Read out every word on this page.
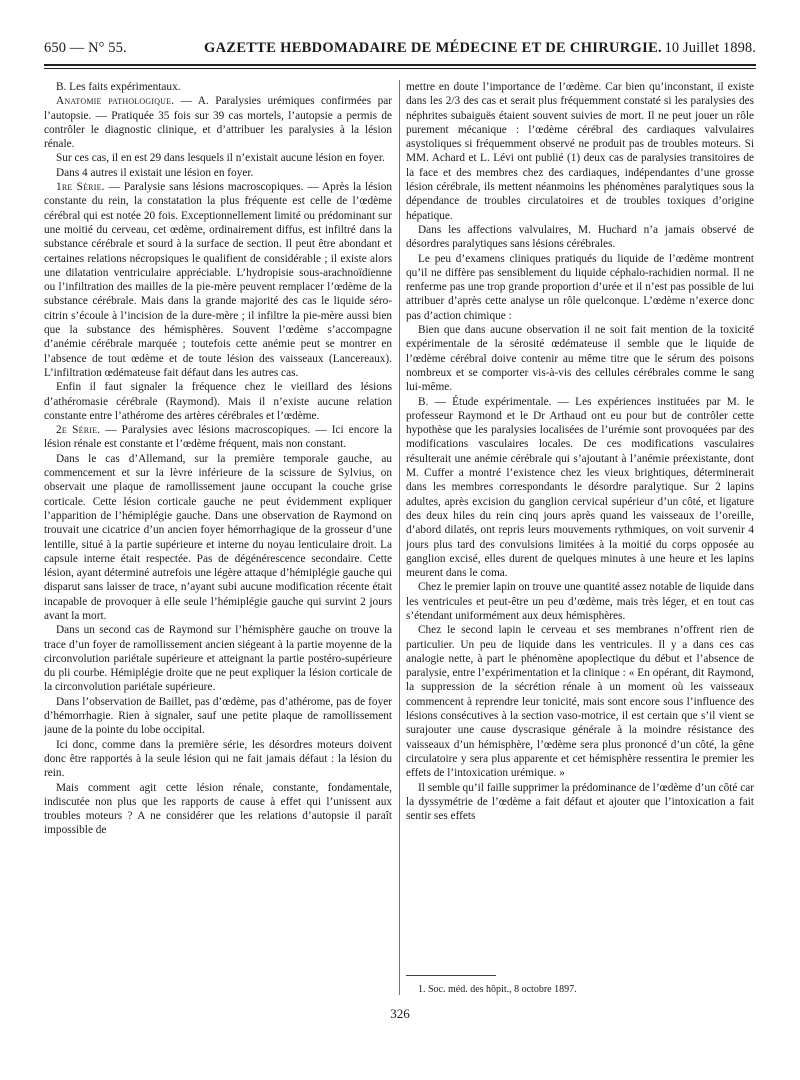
650 — N° 55.	GAZETTE HEBDOMADAIRE DE MÉDECINE ET DE CHIRURGIE. 10 Juillet 1898.

B. Les faits expérimentaux.

Anatomie pathologique. — A. Paralysies urémiques confirmées par l’autopsie. — Pratiquée 35 fois sur 39 cas mortels, l’autopsie a permis de contrôler le diagnostic clinique, et d’attribuer les paralysies à la lésion rénale.

Sur ces cas, il en est 29 dans lesquels il n’existait aucune lésion en foyer.

Dans 4 autres il existait une lésion en foyer.

1re Série. — Paralysie sans lésions macroscopiques. — Après la lésion constante du rein, la constatation la plus fréquente est celle de l’œdème cérébral qui est notée 20 fois. Exceptionnellement limité ou prédominant sur une moitié du cerveau, cet œdème, ordinairement diffus, est infiltré dans la substance cérébrale et sourd à la surface de section. Il peut être abondant et certaines relations nécropsiques le qualifient de considérable ; il existe alors une dilatation ventriculaire appréciable. L’hydropisie sous-arachnoïdienne ou l’infiltration des mailles de la pie-mère peuvent remplacer l’œdème de la substance cérébrale. Mais dans la grande majorité des cas le liquide séro-citrin s’écoule à l’incision de la dure-mère ; il infiltre la pie-mère aussi bien que la substance des hémisphères. Souvent l’œdème s’accompagne d’anémie cérébrale marquée ; toutefois cette anémie peut se montrer en l’absence de tout œdème et de toute lésion des vaisseaux (Lancereaux). L’infiltration œdémateuse fait défaut dans les autres cas.

Enfin il faut signaler la fréquence chez le vieillard des lésions d’athéromasie cérébrale (Raymond). Mais il n’existe aucune relation constante entre l’athérome des artères cérébrales et l’œdème.

2e Série. — Paralysies avec lésions macroscopiques. — Ici encore la lésion rénale est constante et l’œdème fréquent, mais non constant.

Dans le cas d’Allemand, sur la première temporale gauche, au commencement et sur la lèvre inférieure de la scissure de Sylvius, on observait une plaque de ramollissement jaune occupant la couche grise corticale. Cette lésion corticale gauche ne peut évidemment expliquer l’apparition de l’hémiplégie gauche. Dans une observation de Raymond on trouvait une cicatrice d’un ancien foyer hémorrhagique de la grosseur d’une lentille, situé à la partie supérieure et interne du noyau lenticulaire droit. La capsule interne était respectée. Pas de dégénérescence secondaire. Cette lésion, ayant déterminé autrefois une légère attaque d’hémiplégie gauche qui disparut sans laisser de trace, n’ayant subi aucune modification récente était incapable de provoquer à elle seule l’hémiplégie gauche qui survint 2 jours avant la mort.

Dans un second cas de Raymond sur l’hémisphère gauche on trouve la trace d’un foyer de ramollissement ancien siégeant à la partie moyenne de la circonvolution pariétale supérieure et atteignant la partie postéro-supérieure du pli courbe. Hémiplégie droite que ne peut expliquer la lésion corticale de la circonvolution pariétale supérieure.

Dans l’observation de Baillet, pas d’œdème, pas d’athérome, pas de foyer d’hémorrhagie. Rien à signaler, sauf une petite plaque de ramollissement jaune de la pointe du lobe occipital.

Ici donc, comme dans la première série, les désordres moteurs doivent donc être rapportés à la seule lésion qui ne fait jamais défaut : la lésion du rein.

Mais comment agit cette lésion rénale, constante, fondamentale, indiscutée non plus que les rapports de cause à effet qui l’unissent aux troubles moteurs ? A ne considérer que les relations d’autopsie il paraît impossible de

mettre en doute l’importance de l’œdème. Car bien qu’inconstant, il existe dans les 2/3 des cas et serait plus fréquemment constaté si les paralysies des néphrites subaiguës étaient souvent suivies de mort. Il ne peut jouer un rôle purement mécanique : l’œdème cérébral des cardiaques valvulaires asystoliques si fréquemment observé ne produit pas de troubles moteurs. Si MM. Achard et L. Lévi ont publié (1) deux cas de paralysies transitoires de la face et des membres chez des cardiaques, indépendantes d’une grosse lésion cérébrale, ils mettent néanmoins les phénomènes paralytiques sous la dépendance de troubles circulatoires et de troubles toxiques d’origine hépatique.

Dans les affections valvulaires, M. Huchard n’a jamais observé de désordres paralytiques sans lésions cérébrales.

Le peu d’examens cliniques pratiqués du liquide de l’œdème montrent qu’il ne diffère pas sensiblement du liquide céphalo-rachidien normal. Il ne renferme pas une trop grande proportion d’urée et il n’est pas possible de lui attribuer d’après cette analyse un rôle quelconque. L’œdème n’exerce donc pas d’action chimique :

Bien que dans aucune observation il ne soit fait mention de la toxicité expérimentale de la sérosité œdémateuse il semble que le liquide de l’œdème cérébral doive contenir au même titre que le sérum des poisons nombreux et se comporter vis-à-vis des cellules cérébrales comme le sang lui-même.

B. — Étude expérimentale. — Les expériences instituées par M. le professeur Raymond et le Dr Arthaud ont eu pour but de contrôler cette hypothèse que les paralysies localisées de l’urémie sont provoquées par des modifications vasculaires locales. De ces modifications vasculaires résulterait une anémie cérébrale qui s’ajoutant à l’anémie préexistante, dont M. Cuffer a montré l’existence chez les vieux brightiques, déterminerait dans les membres correspondants le désordre paralytique. Sur 2 lapins adultes, après excision du ganglion cervical supérieur d’un côté, et ligature des deux hiles du rein cinq jours après quand les vaisseaux de l’oreille, d’abord dilatés, ont repris leurs mouvements rythmiques, on voit survenir 4 jours plus tard des convulsions limitées à la moitié du corps opposée au ganglion excisé, elles durent de quelques minutes à une heure et les lapins meurent dans le coma.

Chez le premier lapin on trouve une quantité assez notable de liquide dans les ventricules et peut-être un peu d’œdème, mais très léger, et en tout cas s’étendant uniformément aux deux hémisphères.

Chez le second lapin le cerveau et ses membranes n’offrent rien de particulier. Un peu de liquide dans les ventricules. Il y a dans ces cas analogie nette, à part le phénomène apoplectique du début et l’absence de paralysie, entre l’expérimentation et la clinique : « En opérant, dit Raymond, la suppression de la sécrétion rénale à un moment où les vaisseaux commencent à reprendre leur tonicité, mais sont encore sous l’influence des lésions consécutives à la section vaso-motrice, il est certain que s’il vient se surajouter une cause dyscrasique générale à la moindre résistance des vaisseaux d’un hémisphère, l’œdème sera plus prononcé d’un côté, la gêne circulatoire y sera plus apparente et cet hémisphère ressentira le premier les effets de l’intoxication urémique. »

Il semble qu’il faille supprimer la prédominance de l’œdème d’un côté car la dyssymétrie de l’œdème a fait défaut et ajouter que l’intoxication a fait sentir ses effets

1. Soc. méd. des hôpit., 8 octobre 1897.
326
